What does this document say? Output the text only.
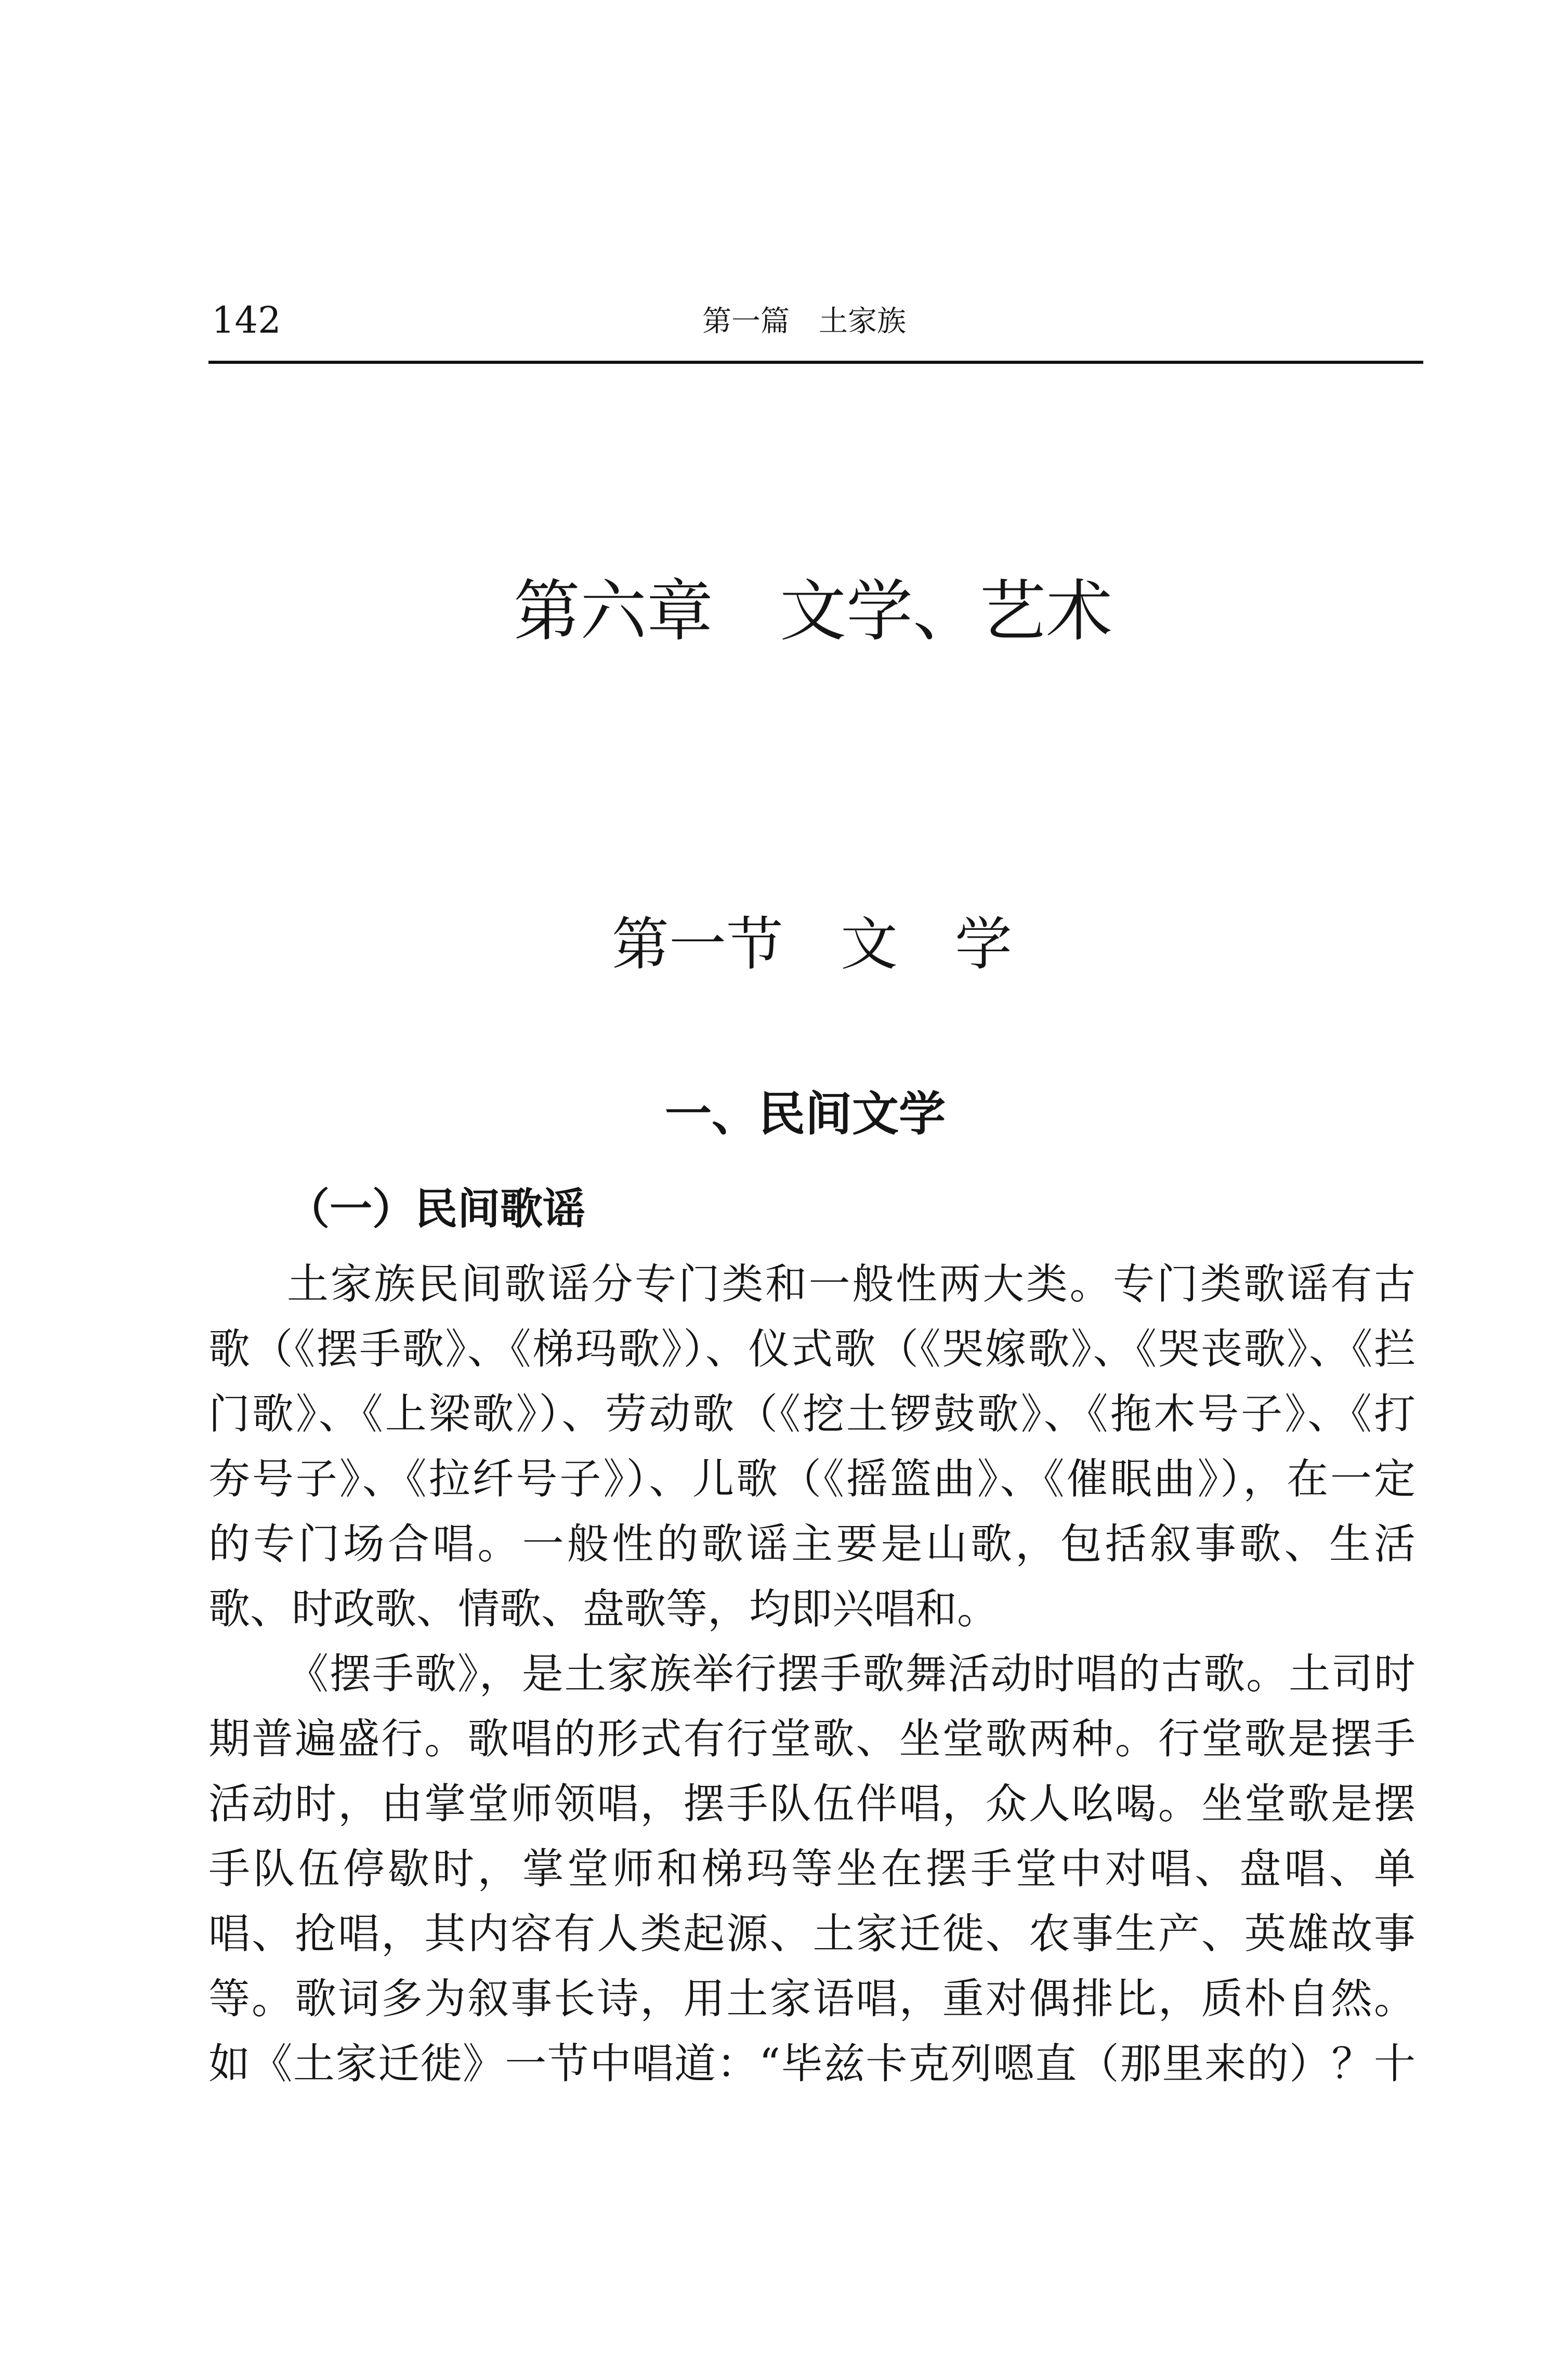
142	第一篇　土家族
第六章　文学、艺术
第一节　文　学
一、民间文学
（一）民间歌谣
土家族民间歌谣分专门类和一般性两大类。专门类歌谣有古
歌（《摆手歌》、《梯玛歌》）、仪式歌（《哭嫁歌》、《哭丧歌》、《拦
门歌》、《上梁歌》）、劳动歌（《挖土锣鼓歌》、《拖木号子》、《打
夯号子》、《拉纤号子》）、儿歌（《摇篮曲》、《催眠曲》），在一定
的专门场合唱。一般性的歌谣主要是山歌，包括叙事歌、生活
歌、时政歌、情歌、盘歌等，均即兴唱和。
《摆手歌》，是土家族举行摆手歌舞活动时唱的古歌。土司时
期普遍盛行。歌唱的形式有行堂歌、坐堂歌两种。行堂歌是摆手
活动时，由掌堂师领唱，摆手队伍伴唱，众人吆喝。坐堂歌是摆
手队伍停歇时，掌堂师和梯玛等坐在摆手堂中对唱、盘唱、单
唱、抢唱，其内容有人类起源、土家迁徙、农事生产、英雄故事
等。歌词多为叙事长诗，用土家语唱，重对偶排比，质朴自然。
如《土家迁徙》一节中唱道：“毕兹卡克列嗯直（那里来的）？十
